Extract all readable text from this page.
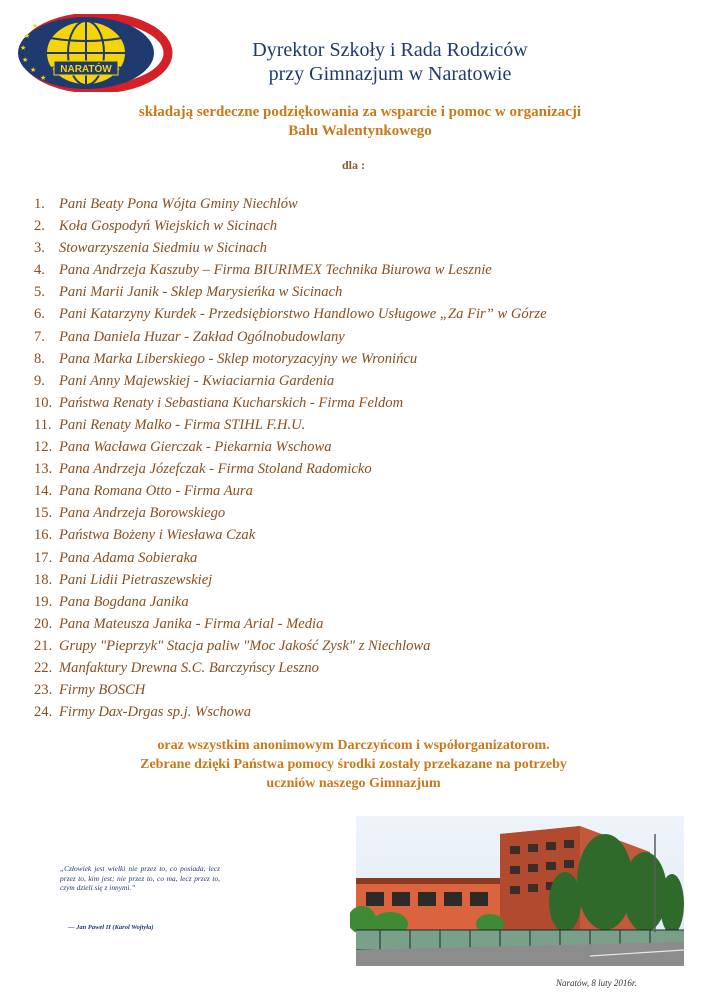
★
★
★
★
★
★
NARATÓW
Dyrektor Szkoły i Rada Rodziców
przy Gimnazjum w Naratowie
składają serdeczne podziękowania za wsparcie i pomoc w organizacji
Balu Walentynkowego
dla :
1. Pani Beaty Pona Wójta Gminy Niechlów
2. Koła Gospodyń Wiejskich w Sicinach
3. Stowarzyszenia Siedmiu w Sicinach
4. Pana Andrzeja Kaszuby – Firma BIURIMEX Technika Biurowa w Lesznie
5. Pani Marii Janik - Sklep Marysieńka w Sicinach
6. Pani Katarzyny Kurdek - Przedsiębiorstwo Handlowo Usługowe „Za Fir” w Górze
7. Pana Daniela Huzar - Zakład Ogólnobudowlany
8. Pana Marka Liberskiego - Sklep motoryzacyjny we Wronińcu
9. Pani Anny Majewskiej - Kwiaciarnia Gardenia
10. Państwa Renaty i Sebastiana Kucharskich - Firma Feldom
11. Pani Renaty Malko - Firma STIHL F.H.U.
12. Pana Wacława Gierczak - Piekarnia Wschowa
13. Pana Andrzeja Józefczak - Firma Stoland Radomicko
14. Pana Romana Otto - Firma Aura
15. Pana Andrzeja Borowskiego
16. Państwa Bożeny i Wiesława Czak
17. Pana Adama Sobieraka
18. Pani Lidii Pietraszewskiej
19. Pana Bogdana Janika
20. Pana Mateusza Janika - Firma Arial - Media
21. Grupy "Pieprzyk" Stacja paliw "Moc Jakość Zysk" z Niechlowa
22. Manfaktury Drewna S.C. Barczyńscy Leszno
23. Firmy BOSCH
24. Firmy Dax-Drgas sp.j. Wschowa
oraz wszystkim anonimowym Darczyńcom i współorganizatorom.
Zebrane dzięki Państwa pomocy środki zostały przekazane na potrzeby
uczniów naszego Gimnazjum
„Człowiek jest wielki nie przez to, co posiada, lecz przez to, kim jest; nie przez to, co ma, lecz przez to, czym dzieli się z innymi.”
— Jan Paweł II (Karol Wojtyła)
Naratów, 8 luty 2016r.
